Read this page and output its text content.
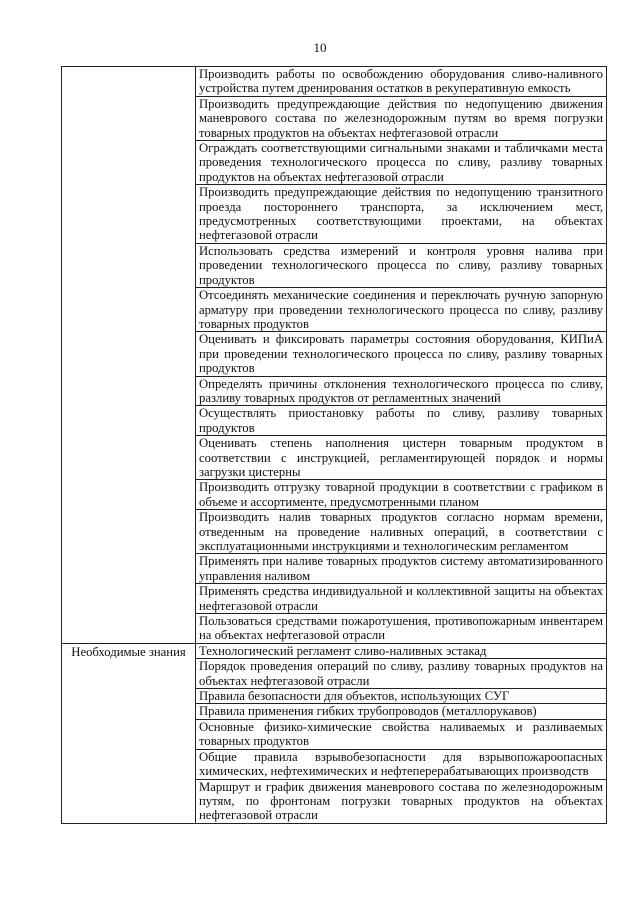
10
	Производить работы по освобождению оборудования сливо-наливного устройства путем дренирования остатков в рекуперативную емкость
	Производить предупреждающие действия по недопущению движения маневрового состава по железнодорожным путям во время погрузки товарных продуктов на объектах нефтегазовой отрасли
	Ограждать соответствующими сигнальными знаками и табличками места проведения технологического процесса по сливу, разливу товарных продуктов на объектах нефтегазовой отрасли
	Производить предупреждающие действия по недопущению транзитного проезда постороннего транспорта, за исключением мест, предусмотренных соответствующими проектами, на объектах нефтегазовой отрасли
	Использовать средства измерений и контроля уровня налива при проведении технологического процесса по сливу, разливу товарных продуктов
	Отсоединять механические соединения и переключать ручную запорную арматуру при проведении технологического процесса по сливу, разливу товарных продуктов
	Оценивать и фиксировать параметры состояния оборудования, КИПиА при проведении технологического процесса по сливу, разливу товарных продуктов
	Определять причины отклонения технологического процесса по сливу, разливу товарных продуктов от регламентных значений
	Осуществлять приостановку работы по сливу, разливу товарных продуктов
	Оценивать степень наполнения цистерн товарным продуктом в соответствии с инструкцией, регламентирующей порядок и нормы загрузки цистерны
	Производить отгрузку товарной продукции в соответствии с графиком в объеме и ассортименте, предусмотренными планом
	Производить налив товарных продуктов согласно нормам времени, отведенным на проведение наливных операций, в соответствии с эксплуатационными инструкциями и технологическим регламентом
	Применять при наливе товарных продуктов систему автоматизированного управления наливом
	Применять средства индивидуальной и коллективной защиты на объектах нефтегазовой отрасли
	Пользоваться средствами пожаротушения, противопожарным инвентарем на объектах нефтегазовой отрасли

Необходимые знания	Технологический регламент сливо-наливных эстакад
	Порядок проведения операций по сливу, разливу товарных продуктов на объектах нефтегазовой отрасли
	Правила безопасности для объектов, использующих СУГ
	Правила применения гибких трубопроводов (металлорукавов)
	Основные физико-химические свойства наливаемых и разливаемых товарных продуктов
	Общие правила взрывобезопасности для взрывопожароопасных химических, нефтехимических и нефтеперерабатывающих производств
	Маршрут и график движения маневрового состава по железнодорожным путям, по фронтонам погрузки товарных продуктов на объектах нефтегазовой отрасли
